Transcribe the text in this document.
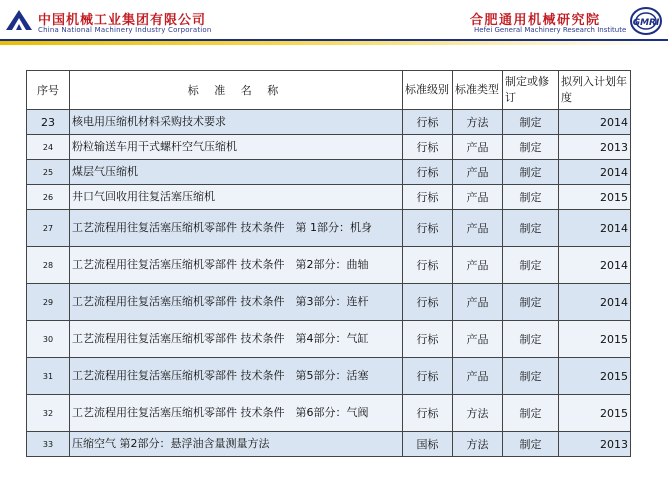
中国机械工业集团有限公司
China National Machinery Industry Corporation
合肥通用机械研究院
Hefei General Machinery Research Institute
GMRI
序号	标 准 名 称	标准级别	标准类型	制定或修订	拟列入计划年度
23	核电用压缩机材料采购技术要求	行标	方法	制定	2014
24	粉粒输送车用干式螺杆空气压缩机	行标	产品	制定	2013
25	煤层气压缩机	行标	产品	制定	2014
26	井口气回收用往复活塞压缩机	行标	产品	制定	2015
27	工艺流程用往复活塞压缩机零部件 技术条件　第 1部分：机身	行标	产品	制定	2014
28	工艺流程用往复活塞压缩机零部件 技术条件　第2部分：曲轴	行标	产品	制定	2014
29	工艺流程用往复活塞压缩机零部件 技术条件　第3部分：连杆	行标	产品	制定	2014
30	工艺流程用往复活塞压缩机零部件 技术条件　第4部分：气缸	行标	产品	制定	2015
31	工艺流程用往复活塞压缩机零部件 技术条件　第5部分：活塞	行标	产品	制定	2015
32	工艺流程用往复活塞压缩机零部件 技术条件　第6部分：气阀	行标	方法	制定	2015
33	压缩空气 第2部分：悬浮油含量测量方法	国标	方法	制定	2013
